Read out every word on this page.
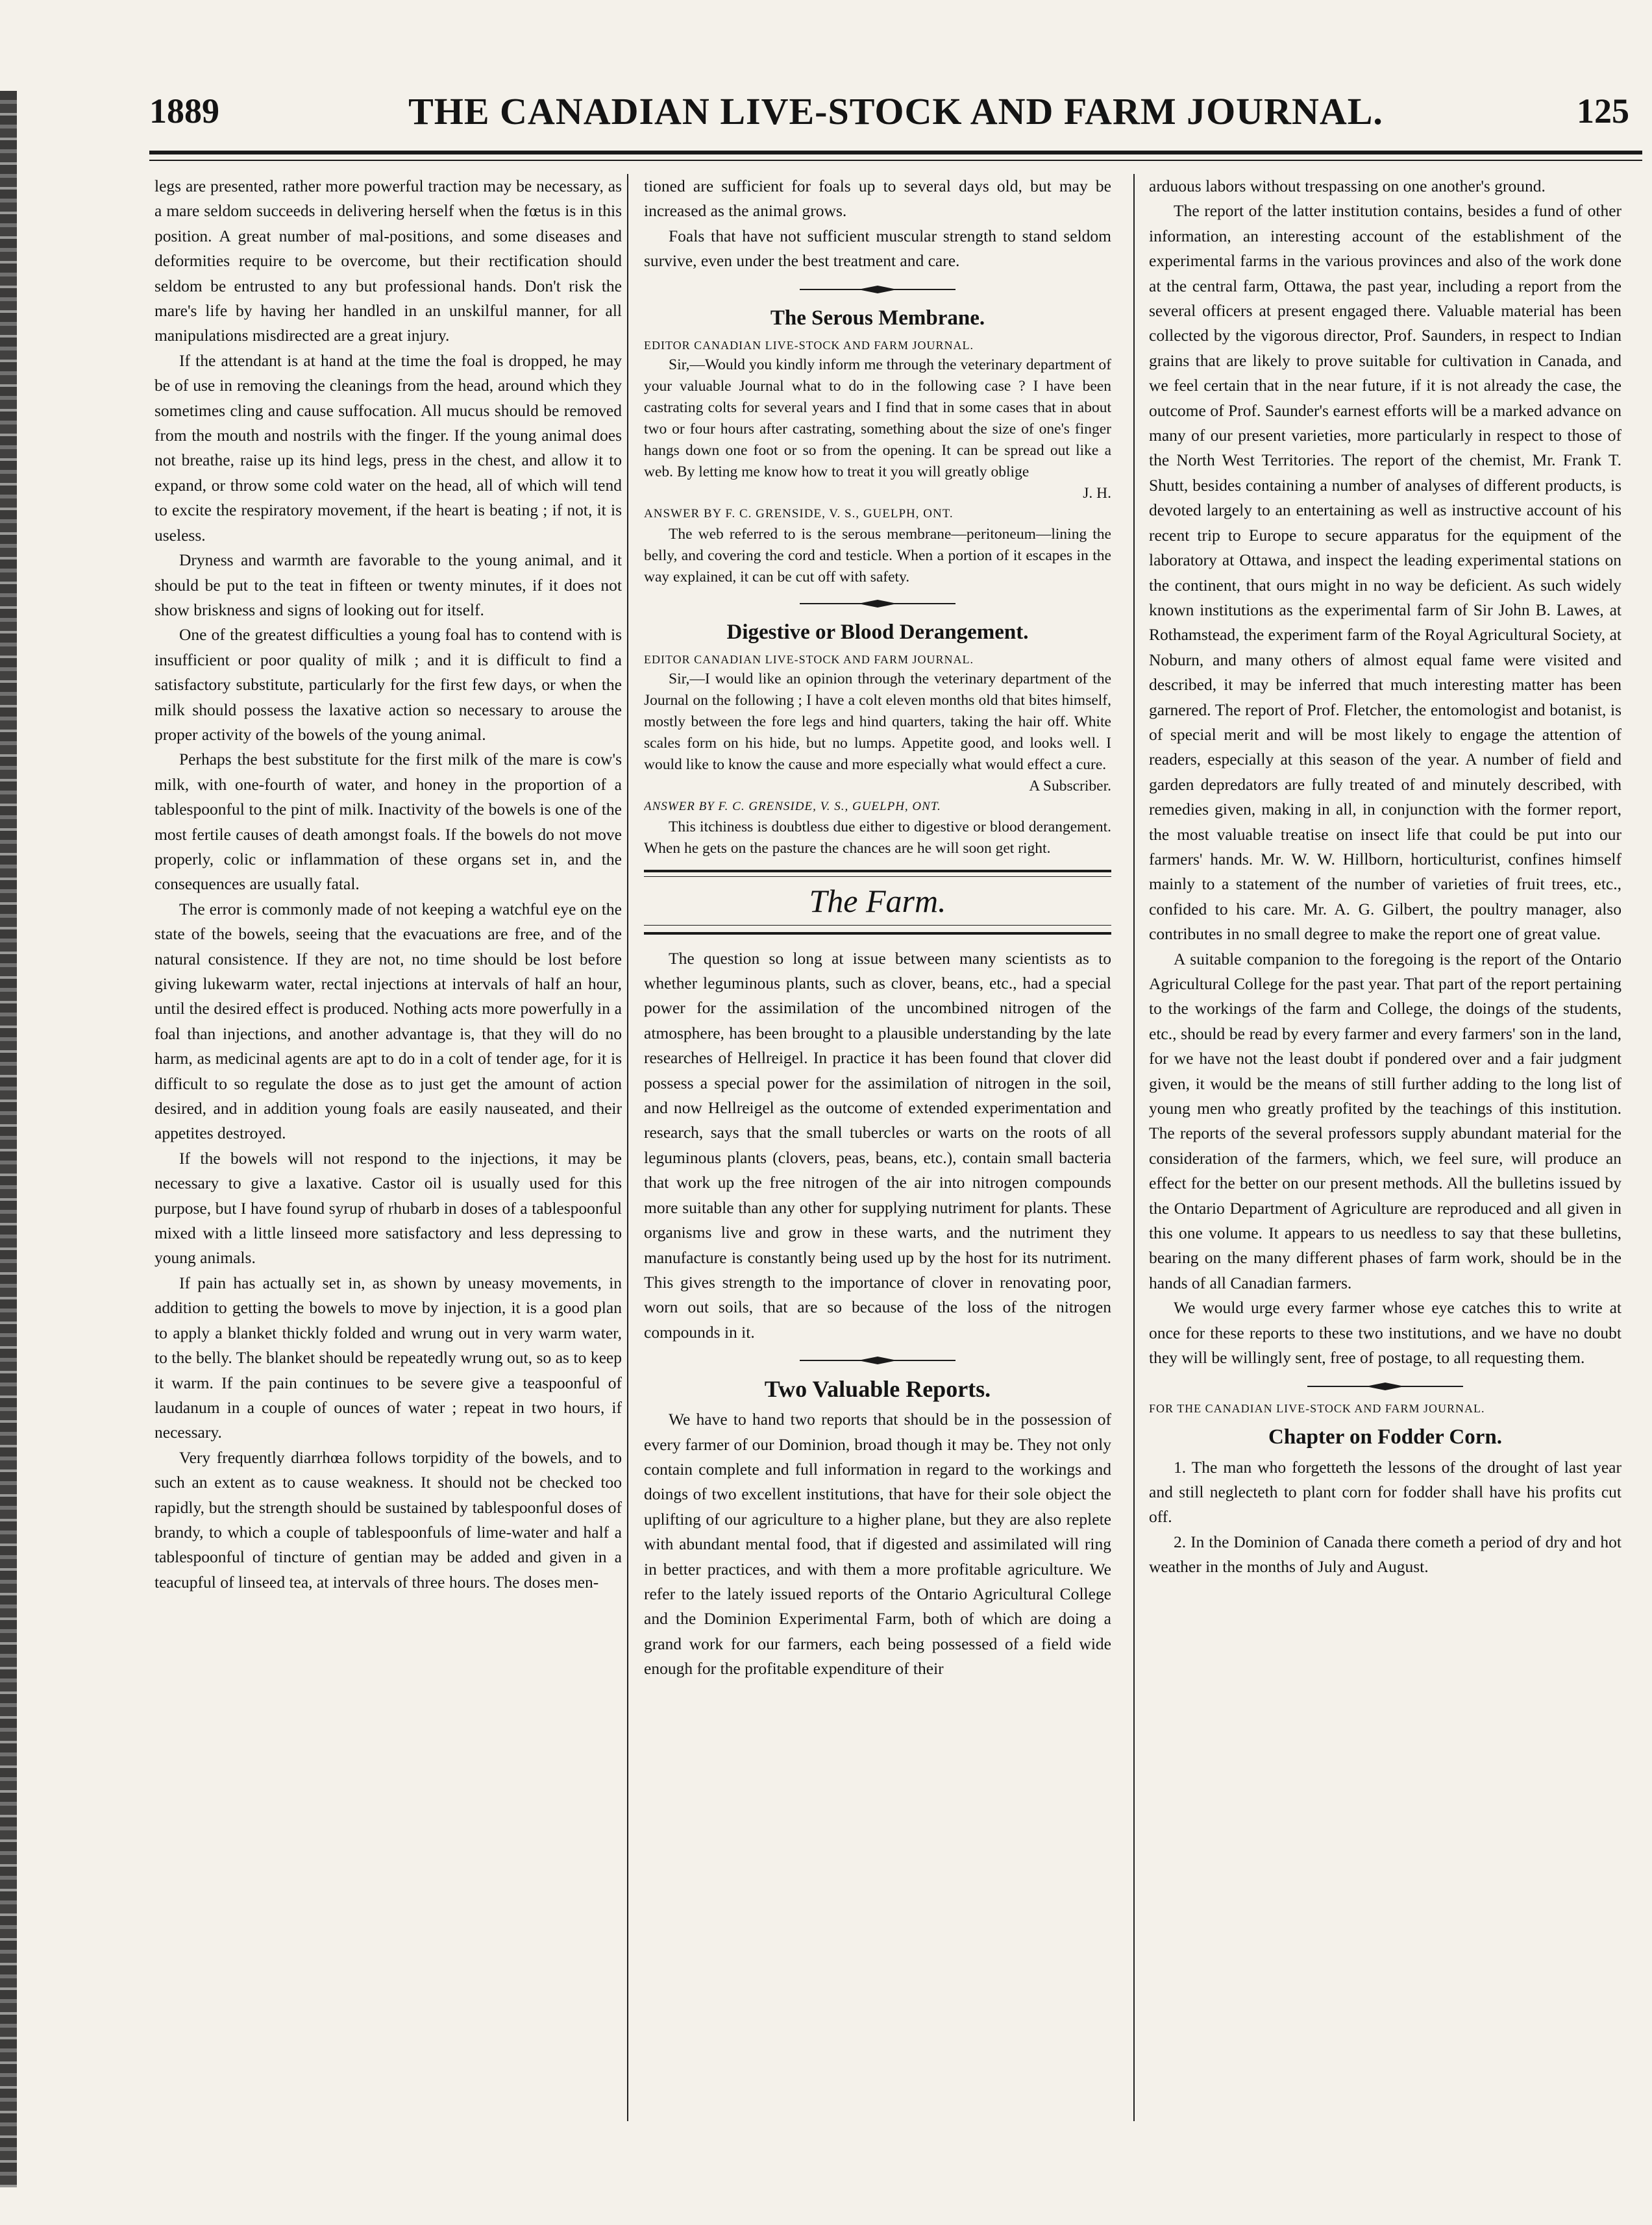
1889	THE CANADIAN LIVE-STOCK AND FARM JOURNAL.	125

legs are presented, rather more powerful traction may be necessary, as a mare seldom succeeds in delivering herself when the fœtus is in this position. A great number of mal-positions, and some diseases and deformities require to be overcome, but their rectification should seldom be entrusted to any but professional hands. Don't risk the mare's life by having her handled in an unskilful manner, for all manipulations misdirected are a great injury.

If the attendant is at hand at the time the foal is dropped, he may be of use in removing the cleanings from the head, around which they sometimes cling and cause suffocation. All mucus should be removed from the mouth and nostrils with the finger. If the young animal does not breathe, raise up its hind legs, press in the chest, and allow it to expand, or throw some cold water on the head, all of which will tend to excite the respiratory movement, if the heart is beating ; if not, it is useless.

Dryness and warmth are favorable to the young animal, and it should be put to the teat in fifteen or twenty minutes, if it does not show briskness and signs of looking out for itself.

One of the greatest difficulties a young foal has to contend with is insufficient or poor quality of milk ; and it is difficult to find a satisfactory substitute, particularly for the first few days, or when the milk should possess the laxative action so necessary to arouse the proper activity of the bowels of the young animal.

Perhaps the best substitute for the first milk of the mare is cow's milk, with one-fourth of water, and honey in the proportion of a tablespoonful to the pint of milk. Inactivity of the bowels is one of the most fertile causes of death amongst foals. If the bowels do not move properly, colic or inflammation of these organs set in, and the consequences are usually fatal.

The error is commonly made of not keeping a watchful eye on the state of the bowels, seeing that the evacuations are free, and of the natural consistence. If they are not, no time should be lost before giving lukewarm water, rectal injections at intervals of half an hour, until the desired effect is produced. Nothing acts more powerfully in a foal than injections, and another advantage is, that they will do no harm, as medicinal agents are apt to do in a colt of tender age, for it is difficult to so regulate the dose as to just get the amount of action desired, and in addition young foals are easily nauseated, and their appetites destroyed.

If the bowels will not respond to the injections, it may be necessary to give a laxative. Castor oil is usually used for this purpose, but I have found syrup of rhubarb in doses of a tablespoonful mixed with a little linseed more satisfactory and less depressing to young animals.

If pain has actually set in, as shown by uneasy movements, in addition to getting the bowels to move by injection, it is a good plan to apply a blanket thickly folded and wrung out in very warm water, to the belly. The blanket should be repeatedly wrung out, so as to keep it warm. If the pain continues to be severe give a teaspoonful of laudanum in a couple of ounces of water ; repeat in two hours, if necessary.

Very frequently diarrhœa follows torpidity of the bowels, and to such an extent as to cause weakness. It should not be checked too rapidly, but the strength should be sustained by tablespoonful doses of brandy, to which a couple of tablespoonfuls of lime-water and half a tablespoonful of tincture of gentian may be added and given in a teacupful of linseed tea, at intervals of three hours. The doses men-

tioned are sufficient for foals up to several days old, but may be increased as the animal grows.

Foals that have not sufficient muscular strength to stand seldom survive, even under the best treatment and care.

The Serous Membrane.

EDITOR CANADIAN LIVE-STOCK AND FARM JOURNAL.

Sir,—Would you kindly inform me through the veterinary department of your valuable Journal what to do in the following case ? I have been castrating colts for several years and I find that in some cases that in about two or four hours after castrating, something about the size of one's finger hangs down one foot or so from the opening. It can be spread out like a web. By letting me know how to treat it you will greatly oblige

J. H.

ANSWER BY F. C. GRENSIDE, V. S., GUELPH, ONT.

The web referred to is the serous membrane—peritoneum—lining the belly, and covering the cord and testicle. When a portion of it escapes in the way explained, it can be cut off with safety.

Digestive or Blood Derangement.

EDITOR CANADIAN LIVE-STOCK AND FARM JOURNAL.

Sir,—I would like an opinion through the veterinary department of the Journal on the following ; I have a colt eleven months old that bites himself, mostly between the fore legs and hind quarters, taking the hair off. White scales form on his hide, but no lumps. Appetite good, and looks well. I would like to know the cause and more especially what would effect a cure.

A Subscriber.

ANSWER BY F. C. GRENSIDE, V. S., GUELPH, ONT.

This itchiness is doubtless due either to digestive or blood derangement. When he gets on the pasture the chances are he will soon get right.

The Farm.

The question so long at issue between many scientists as to whether leguminous plants, such as clover, beans, etc., had a special power for the assimilation of the uncombined nitrogen of the atmosphere, has been brought to a plausible understanding by the late researches of Hellreigel. In practice it has been found that clover did possess a special power for the assimilation of nitrogen in the soil, and now Hellreigel as the outcome of extended experimentation and research, says that the small tubercles or warts on the roots of all leguminous plants (clovers, peas, beans, etc.), contain small bacteria that work up the free nitrogen of the air into nitrogen compounds more suitable than any other for supplying nutriment for plants. These organisms live and grow in these warts, and the nutriment they manufacture is constantly being used up by the host for its nutriment. This gives strength to the importance of clover in renovating poor, worn out soils, that are so because of the loss of the nitrogen compounds in it.

Two Valuable Reports.

We have to hand two reports that should be in the possession of every farmer of our Dominion, broad though it may be. They not only contain complete and full information in regard to the workings and doings of two excellent institutions, that have for their sole object the uplifting of our agriculture to a higher plane, but they are also replete with abundant mental food, that if digested and assimilated will ring in better practices, and with them a more profitable agriculture. We refer to the lately issued reports of the Ontario Agricultural College and the Dominion Experimental Farm, both of which are doing a grand work for our farmers, each being possessed of a field wide enough for the profitable expenditure of their

arduous labors without trespassing on one another's ground.

The report of the latter institution contains, besides a fund of other information, an interesting account of the establishment of the experimental farms in the various provinces and also of the work done at the central farm, Ottawa, the past year, including a report from the several officers at present engaged there. Valuable material has been collected by the vigorous director, Prof. Saunders, in respect to Indian grains that are likely to prove suitable for cultivation in Canada, and we feel certain that in the near future, if it is not already the case, the outcome of Prof. Saunder's earnest efforts will be a marked advance on many of our present varieties, more particularly in respect to those of the North West Territories. The report of the chemist, Mr. Frank T. Shutt, besides containing a number of analyses of different products, is devoted largely to an entertaining as well as instructive account of his recent trip to Europe to secure apparatus for the equipment of the laboratory at Ottawa, and inspect the leading experimental stations on the continent, that ours might in no way be deficient. As such widely known institutions as the experimental farm of Sir John B. Lawes, at Rothamstead, the experiment farm of the Royal Agricultural Society, at Noburn, and many others of almost equal fame were visited and described, it may be inferred that much interesting matter has been garnered. The report of Prof. Fletcher, the entomologist and botanist, is of special merit and will be most likely to engage the attention of readers, especially at this season of the year. A number of field and garden depredators are fully treated of and minutely described, with remedies given, making in all, in conjunction with the former report, the most valuable treatise on insect life that could be put into our farmers' hands. Mr. W. W. Hillborn, horticulturist, confines himself mainly to a statement of the number of varieties of fruit trees, etc., confided to his care. Mr. A. G. Gilbert, the poultry manager, also contributes in no small degree to make the report one of great value.

A suitable companion to the foregoing is the report of the Ontario Agricultural College for the past year. That part of the report pertaining to the workings of the farm and College, the doings of the students, etc., should be read by every farmer and every farmers' son in the land, for we have not the least doubt if pondered over and a fair judgment given, it would be the means of still further adding to the long list of young men who greatly profited by the teachings of this institution. The reports of the several professors supply abundant material for the consideration of the farmers, which, we feel sure, will produce an effect for the better on our present methods. All the bulletins issued by the Ontario Department of Agriculture are reproduced and all given in this one volume. It appears to us needless to say that these bulletins, bearing on the many different phases of farm work, should be in the hands of all Canadian farmers.

We would urge every farmer whose eye catches this to write at once for these reports to these two institutions, and we have no doubt they will be willingly sent, free of postage, to all requesting them.

FOR THE CANADIAN LIVE-STOCK AND FARM JOURNAL.

Chapter on Fodder Corn.

1. The man who forgetteth the lessons of the drought of last year and still neglecteth to plant corn for fodder shall have his profits cut off.

2. In the Dominion of Canada there cometh a period of dry and hot weather in the months of July and August.
